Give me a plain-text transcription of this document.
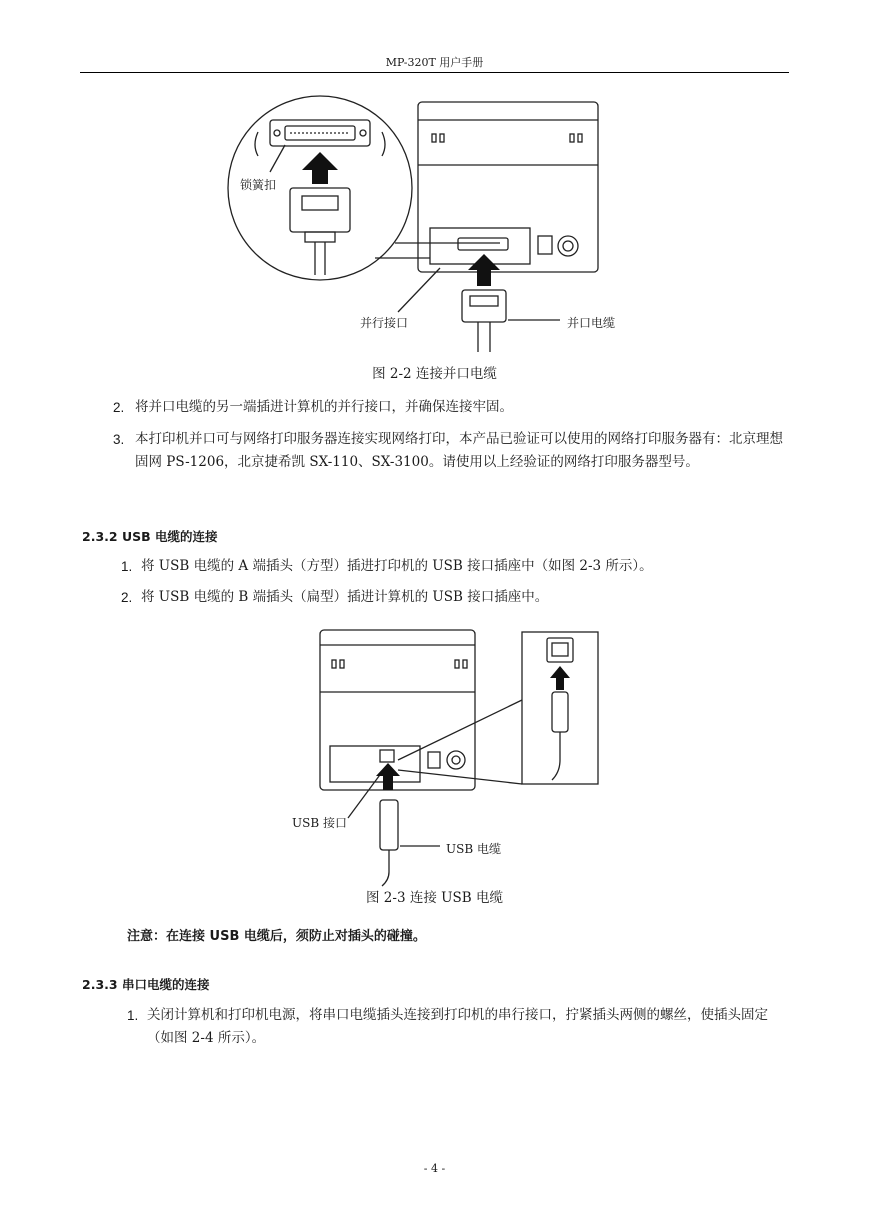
MP-320T 用户手册
锁簧扣
并行接口	并口电缆
图 2-2 连接并口电缆
2. 将并口电缆的另一端插进计算机的并行接口，并确保连接牢固。
3. 本打印机并口可与网络打印服务器连接实现网络打印，本产品已验证可以使用的网络打印服务器有：北京理想固网 PS-1206，北京捷希凯 SX-110、SX-3100。请使用以上经验证的网络打印服务器型号。
2.3.2 USB 电缆的连接
1. 将 USB 电缆的 A 端插头（方型）插进打印机的 USB 接口插座中（如图 2-3 所示）。
2. 将 USB 电缆的 B 端插头（扁型）插进计算机的 USB 接口插座中。
USB 接口
USB 电缆
图 2-3 连接 USB 电缆
注意：在连接 USB 电缆后，须防止对插头的碰撞。
2.3.3 串口电缆的连接
1. 关闭计算机和打印机电源，将串口电缆插头连接到打印机的串行接口，拧紧插头两侧的螺丝，使插头固定（如图 2-4 所示）。
- 4 -
